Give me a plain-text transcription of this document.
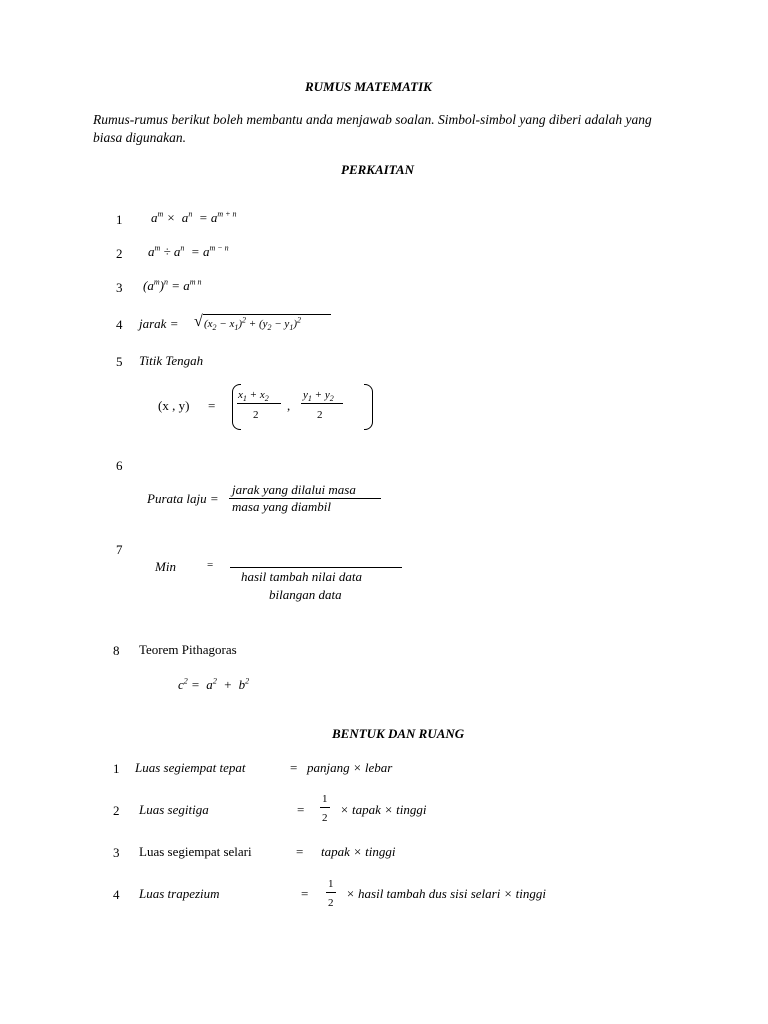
RUMUS MATEMATIK
Rumus-rumus berikut boleh membantu anda menjawab soalan. Simbol-simbol yang diberi adalah yang biasa digunakan.
PERKAITAN
1 $a^m \times a^n = a^{m + n}$
2 $a^m \div a^n = a^{m - n}$
3 $(a^m)^n = a^{m n}$
4 jarak = √ $(x_2 - x_1)^2 + (y_2 - y_1)^2$
5 Titik Tengah
(x , y) =
$x_1 + x_2$
2
,
$y_1 + y_2$
2
6
Purata laju =
jarak yang dilalui masa
masa yang diambil
7
Min	=
hasil tambah nilai data
bilangan data
8 Teorem Pithagoras
$c^2 = a^2 + b^2$
BENTUK DAN RUANG
1 Luas segiempat tepat	= panjang × lebar
2 Luas segitiga	=
1
2
× tapak × tinggi
3 Luas segiempat selari	= tapak × tinggi
4 Luas trapezium	=
1
2
× hasil tambah dus sisi selari × tinggi
